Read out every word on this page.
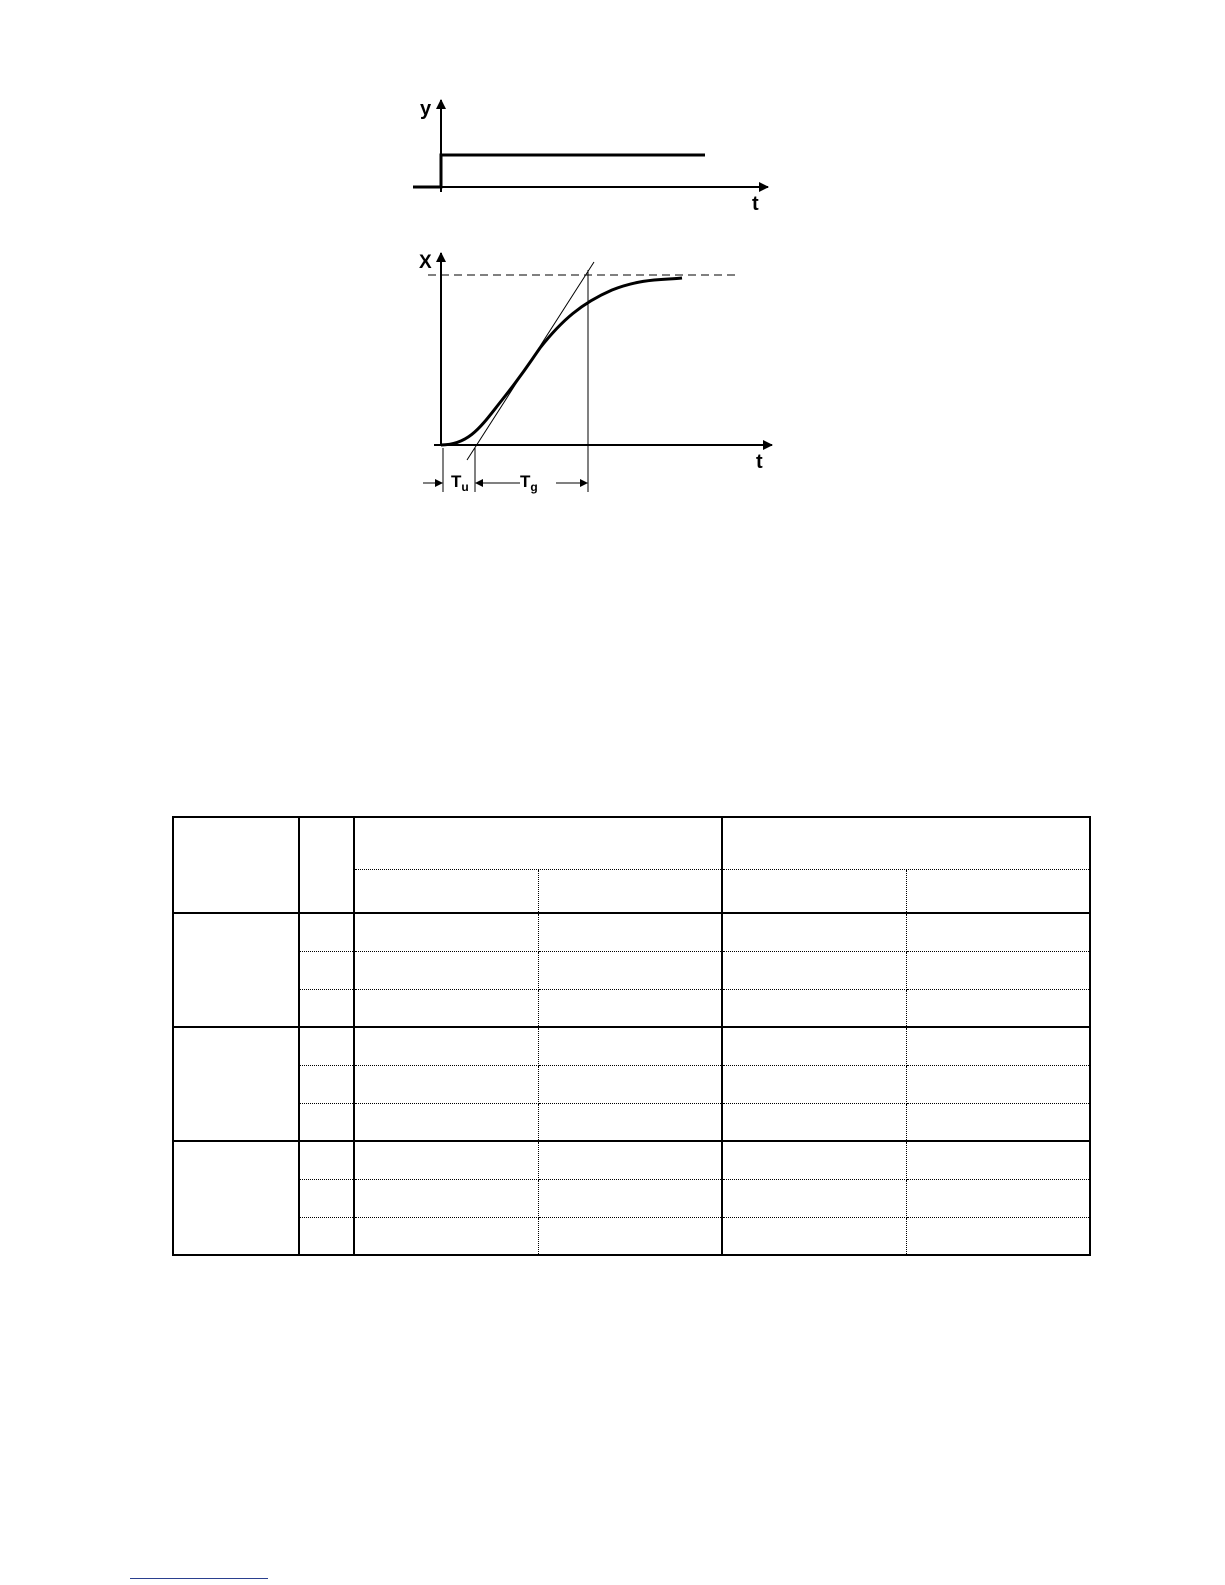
y
t
X
t
$T_u$	$T_g$
